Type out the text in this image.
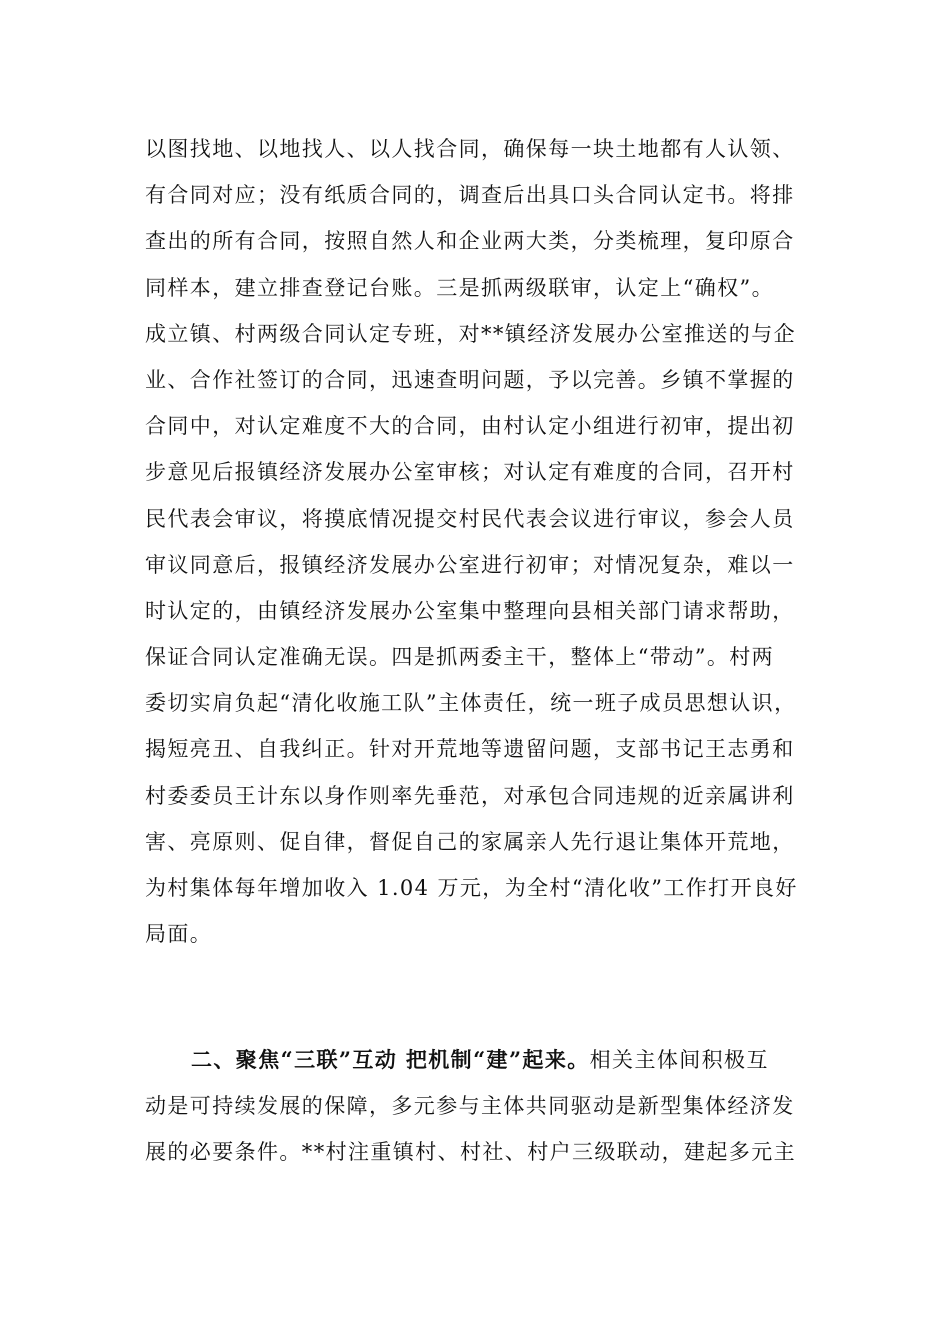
以图找地、以地找人、以人找合同，确保每一块土地都有人认领、
有合同对应；没有纸质合同的，调查后出具口头合同认定书。将排
查出的所有合同，按照自然人和企业两大类，分类梳理，复印原合
同样本，建立排查登记台账。三是抓两级联审，认定上“确权”。
成立镇、村两级合同认定专班，对**镇经济发展办公室推送的与企
业、合作社签订的合同，迅速查明问题，予以完善。乡镇不掌握的
合同中，对认定难度不大的合同，由村认定小组进行初审，提出初
步意见后报镇经济发展办公室审核；对认定有难度的合同，召开村
民代表会审议，将摸底情况提交村民代表会议进行审议，参会人员
审议同意后，报镇经济发展办公室进行初审；对情况复杂，难以一
时认定的，由镇经济发展办公室集中整理向县相关部门请求帮助，
保证合同认定准确无误。四是抓两委主干，整体上“带动”。村两
委切实肩负起“清化收施工队”主体责任，统一班子成员思想认识，
揭短亮丑、自我纠正。针对开荒地等遗留问题，支部书记王志勇和
村委委员王计东以身作则率先垂范，对承包合同违规的近亲属讲利
害、亮原则、促自律，督促自己的家属亲人先行退让集体开荒地，
为村集体每年增加收入 1.04 万元，为全村“清化收”工作打开良好
局面。
二、聚焦“三联”互动 把机制“建”起来。相关主体间积极互
动是可持续发展的保障，多元参与主体共同驱动是新型集体经济发
展的必要条件。**村注重镇村、村社、村户三级联动，建起多元主
